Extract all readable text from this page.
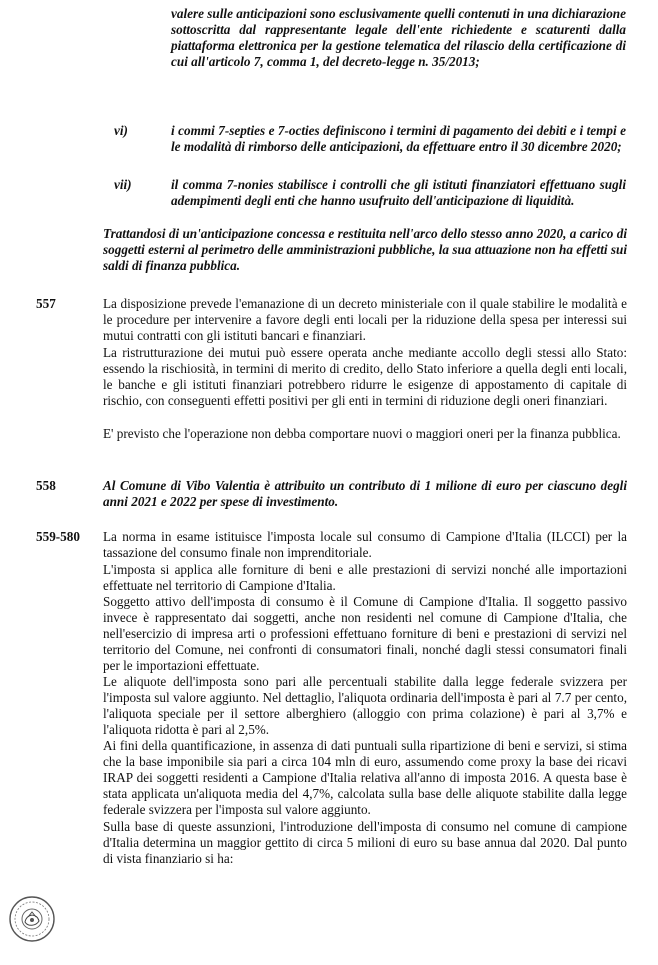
valere sulle anticipazioni sono esclusivamente quelli contenuti in una dichiarazione sottoscritta dal rappresentante legale dell'ente richiedente e scaturenti dalla piattaforma elettronica per la gestione telematica del rilascio della certificazione di cui all'articolo 7, comma 1, del decreto-legge n. 35/2013;

vi)	i commi 7-septies e 7-octies definiscono i termini di pagamento dei debiti e i tempi e le modalità di rimborso delle anticipazioni, da effettuare entro il 30 dicembre 2020;

vii)	il comma 7-nonies stabilisce i controlli che gli istituti finanziatori effettuano sugli adempimenti degli enti che hanno usufruito dell'anticipazione di liquidità.

Trattandosi di un'anticipazione concessa e restituita nell'arco dello stesso anno 2020, a carico di soggetti esterni al perimetro delle amministrazioni pubbliche, la sua attuazione non ha effetti sui saldi di finanza pubblica.

557	La disposizione prevede l'emanazione di un decreto ministeriale con il quale stabilire le modalità e le procedure per intervenire a favore degli enti locali per la riduzione della spesa per interessi sui mutui contratti con gli istituti bancari e finanziari.

La ristrutturazione dei mutui può essere operata anche mediante accollo degli stessi allo Stato: essendo la rischiosità, in termini di merito di credito, dello Stato inferiore a quella degli enti locali, le banche e gli istituti finanziari potrebbero ridurre le esigenze di appostamento di capitale di rischio, con conseguenti effetti positivi per gli enti in termini di riduzione degli oneri finanziari.

E' previsto che l'operazione non debba comportare nuovi o maggiori oneri per la finanza pubblica.

558	Al Comune di Vibo Valentia è attribuito un contributo di 1 milione di euro per ciascuno degli anni 2021 e 2022 per spese di investimento.

559-580 La norma in esame istituisce l'imposta locale sul consumo di Campione d'Italia (ILCCI) per la tassazione del consumo finale non imprenditoriale.

L'imposta si applica alle forniture di beni e alle prestazioni di servizi nonché alle importazioni effettuate nel territorio di Campione d'Italia.

Soggetto attivo dell'imposta di consumo è il Comune di Campione d'Italia. Il soggetto passivo invece è rappresentato dai soggetti, anche non residenti nel comune di Campione d'Italia, che nell'esercizio di impresa arti o professioni effettuano forniture di beni e prestazioni di servizi nel territorio del Comune, nei confronti di consumatori finali, nonché dagli stessi consumatori finali per le importazioni effettuate.

Le aliquote dell'imposta sono pari alle percentuali stabilite dalla legge federale svizzera per l'imposta sul valore aggiunto. Nel dettaglio, l'aliquota ordinaria dell'imposta è pari al 7.7 per cento, l'aliquota speciale per il settore alberghiero (alloggio con prima colazione) è pari al 3,7% e l'aliquota ridotta è pari al 2,5%.

Ai fini della quantificazione, in assenza di dati puntuali sulla ripartizione di beni e servizi, si stima che la base imponibile sia pari a circa 104 mln di euro, assumendo come proxy la base dei ricavi IRAP dei soggetti residenti a Campione d'Italia relativa all'anno di imposta 2016. A questa base è stata applicata un'aliquota media del 4,7%, calcolata sulla base delle aliquote stabilite dalla legge federale svizzera per l'imposta sul valore aggiunto.

Sulla base di queste assunzioni, l'introduzione dell'imposta di consumo nel comune di campione d'Italia determina un maggior gettito di circa 5 milioni di euro su base annua dal 2020. Dal punto di vista finanziario si ha:
